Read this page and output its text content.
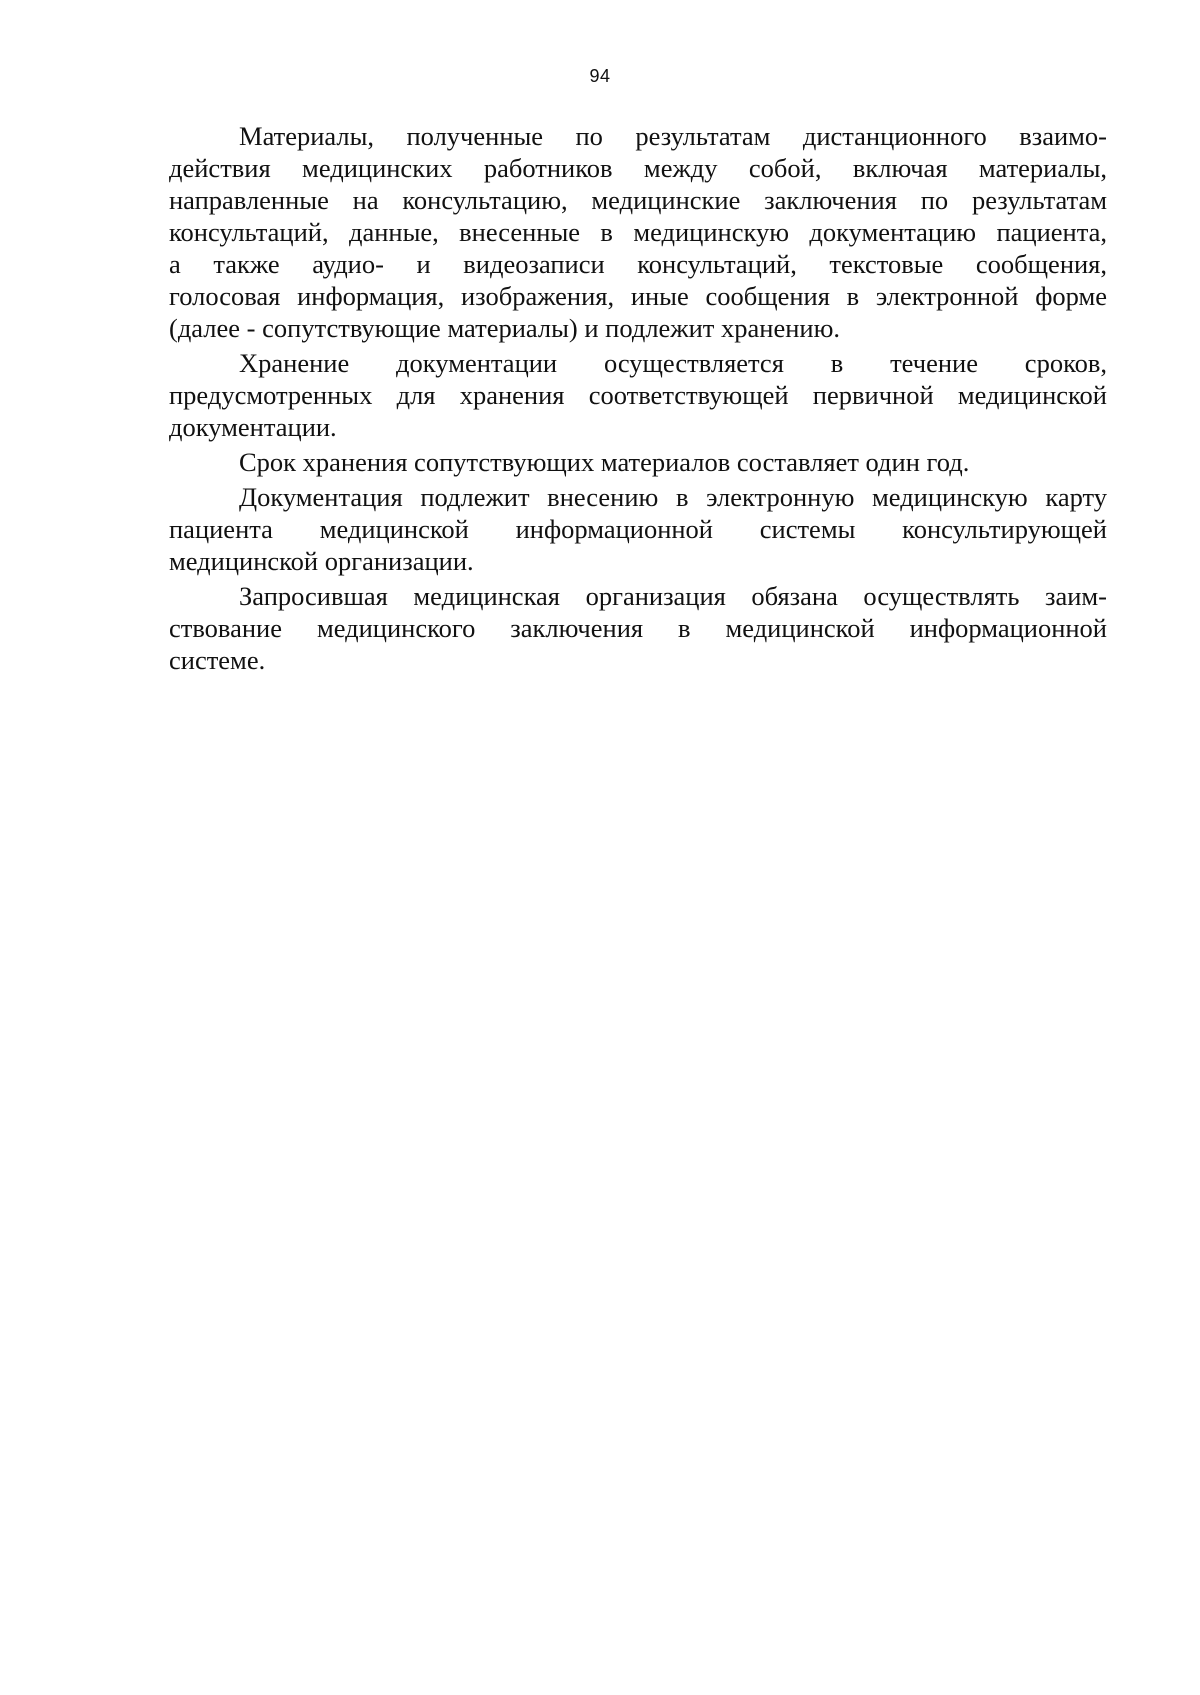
94

Материалы, полученные по результатам дистанционного взаимо-
действия медицинских работников между собой, включая материалы,
направленные на консультацию, медицинские заключения по результатам
консультаций, данные, внесенные в медицинскую документацию пациента,
а также аудио- и видеозаписи консультаций, текстовые сообщения,
голосовая информация, изображения, иные сообщения в электронной форме
(далее - сопутствующие материалы) и подлежит хранению.

Хранение документации осуществляется в течение сроков,
предусмотренных для хранения соответствующей первичной медицинской
документации.

Срок хранения сопутствующих материалов составляет один год.

Документация подлежит внесению в электронную медицинскую карту
пациента медицинской информационной системы консультирующей
медицинской организации.

Запросившая медицинская организация обязана осуществлять заим-
ствование медицинского заключения в медицинской информационной
системе.
